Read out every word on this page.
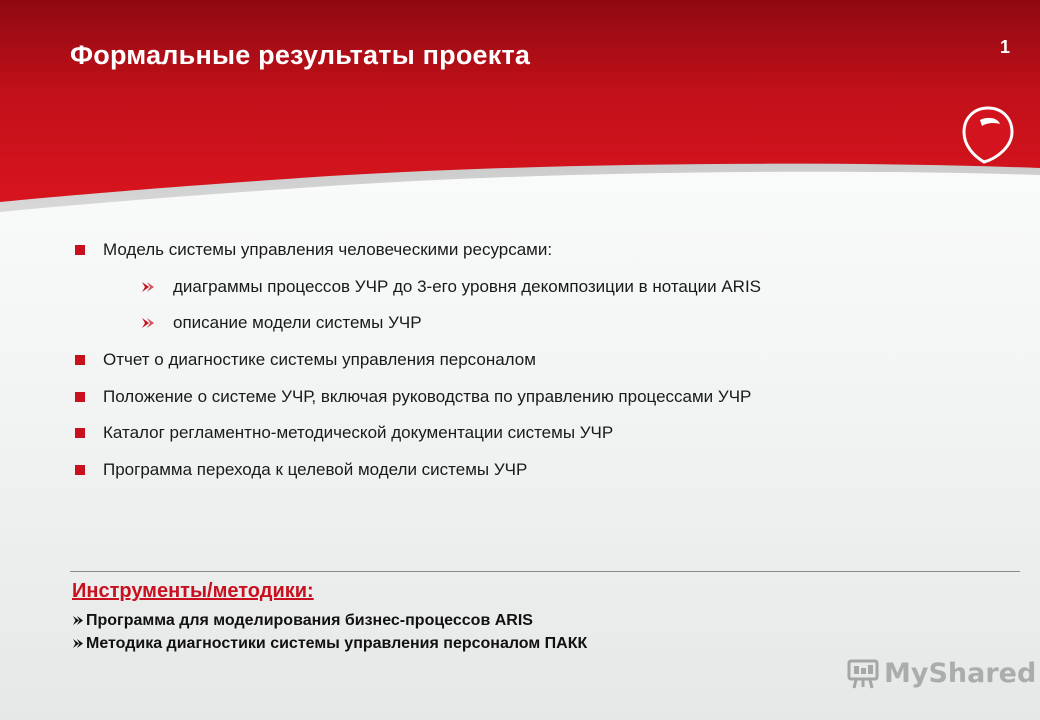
Формальные результаты проекта	1
Модель системы управления человеческими ресурсами:
диаграммы процессов УЧР до 3-его уровня декомпозиции в нотации ARIS
описание модели системы УЧР
Отчет о диагностике системы управления персоналом
Положение о системе УЧР, включая руководства по управлению процессами УЧР
Каталог регламентно-методической документации системы УЧР
Программа перехода к целевой модели системы УЧР
Инструменты/методики:
Программа для моделирования бизнес-процессов ARIS
Методика диагностики системы управления персоналом ПАКК
MyShared
